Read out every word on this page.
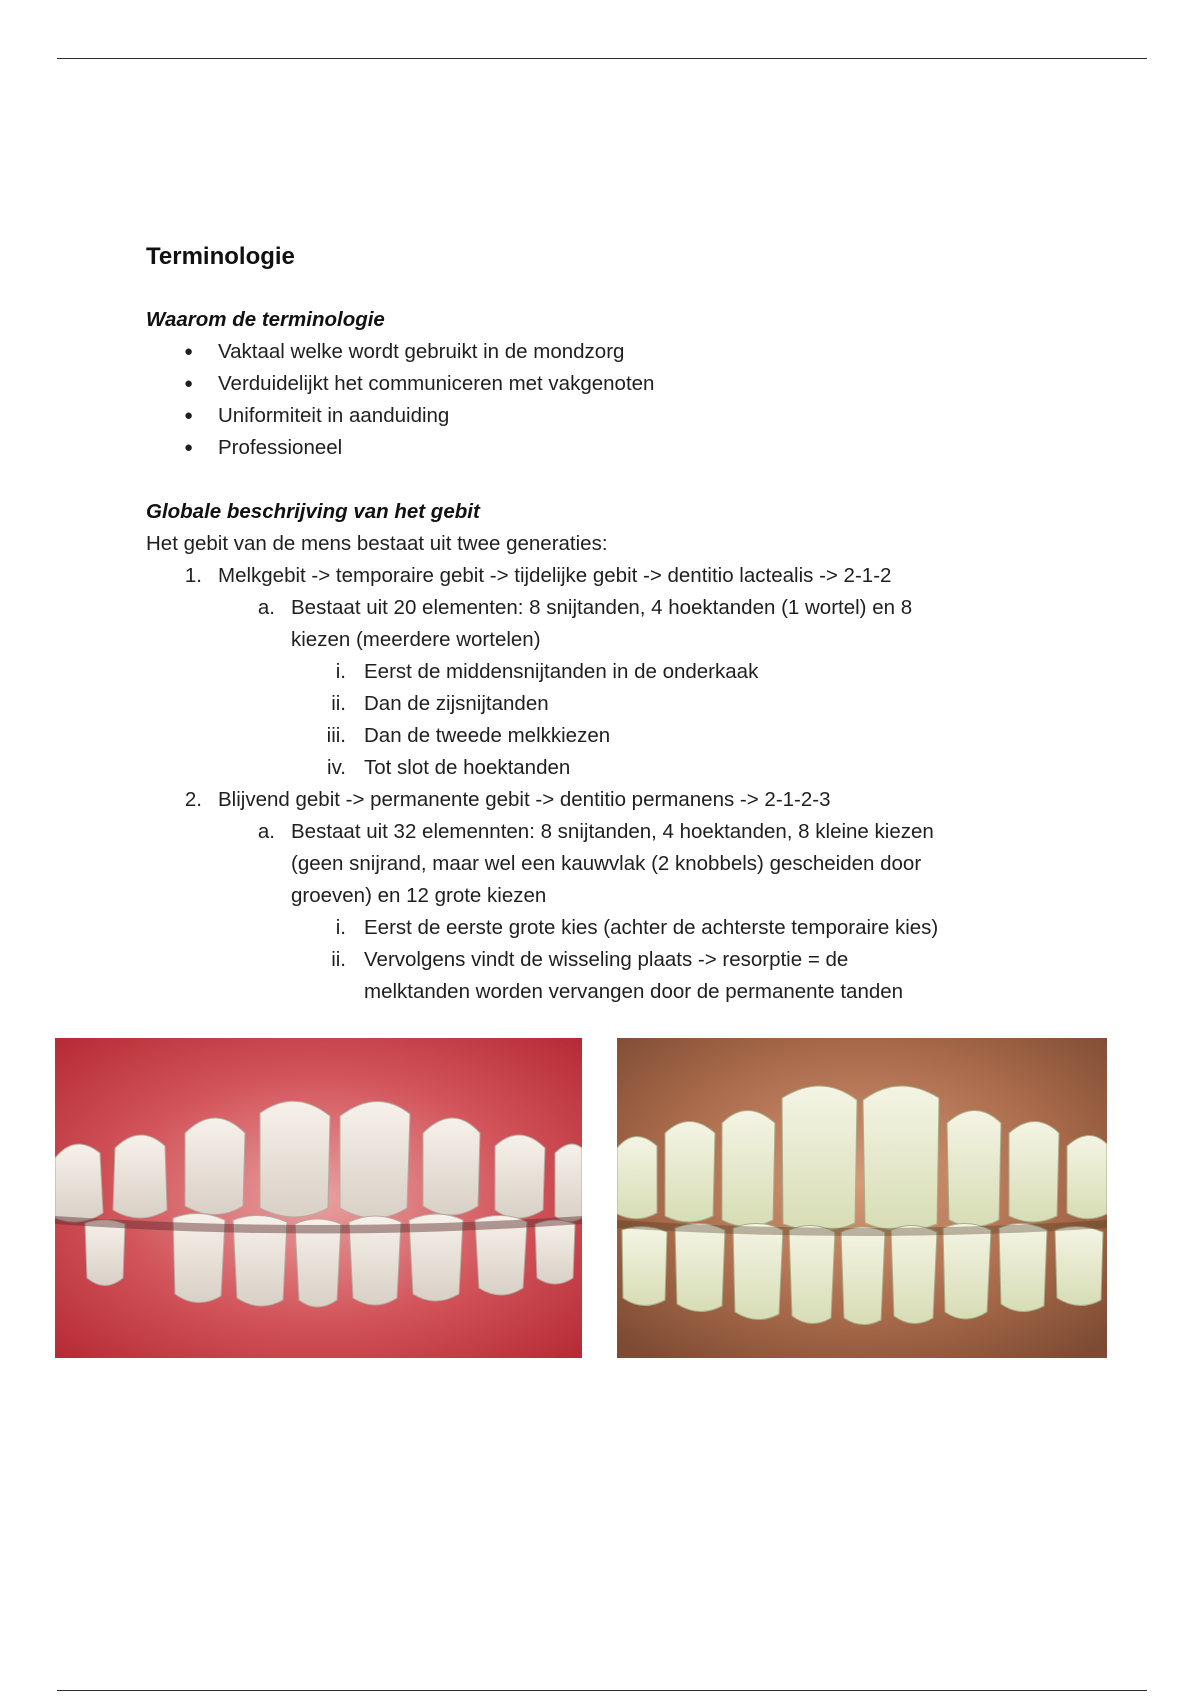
Terminologie
Waarom de terminologie
● Vaktaal welke wordt gebruikt in de mondzorg
● Verduidelijkt het communiceren met vakgenoten
● Uniformiteit in aanduiding
● Professioneel
Globale beschrijving van het gebit
Het gebit van de mens bestaat uit twee generaties:
1. Melkgebit -> temporaire gebit -> tijdelijke gebit -> dentitio lactealis -> 2-1-2
a. Bestaat uit 20 elementen: 8 snijtanden, 4 hoektanden (1 wortel) en 8
kiezen (meerdere wortelen)
i. Eerst de middensnijtanden in de onderkaak
ii. Dan de zijsnijtanden
iii. Dan de tweede melkkiezen
iv. Tot slot de hoektanden
2. Blijvend gebit -> permanente gebit -> dentitio permanens -> 2-1-2-3
a. Bestaat uit 32 elemennten: 8 snijtanden, 4 hoektanden, 8 kleine kiezen
(geen snijrand, maar wel een kauwvlak (2 knobbels) gescheiden door
groeven) en 12 grote kiezen
i. Eerst de eerste grote kies (achter de achterste temporaire kies)
ii. Vervolgens vindt de wisseling plaats -> resorptie = de
melktanden worden vervangen door de permanente tanden
